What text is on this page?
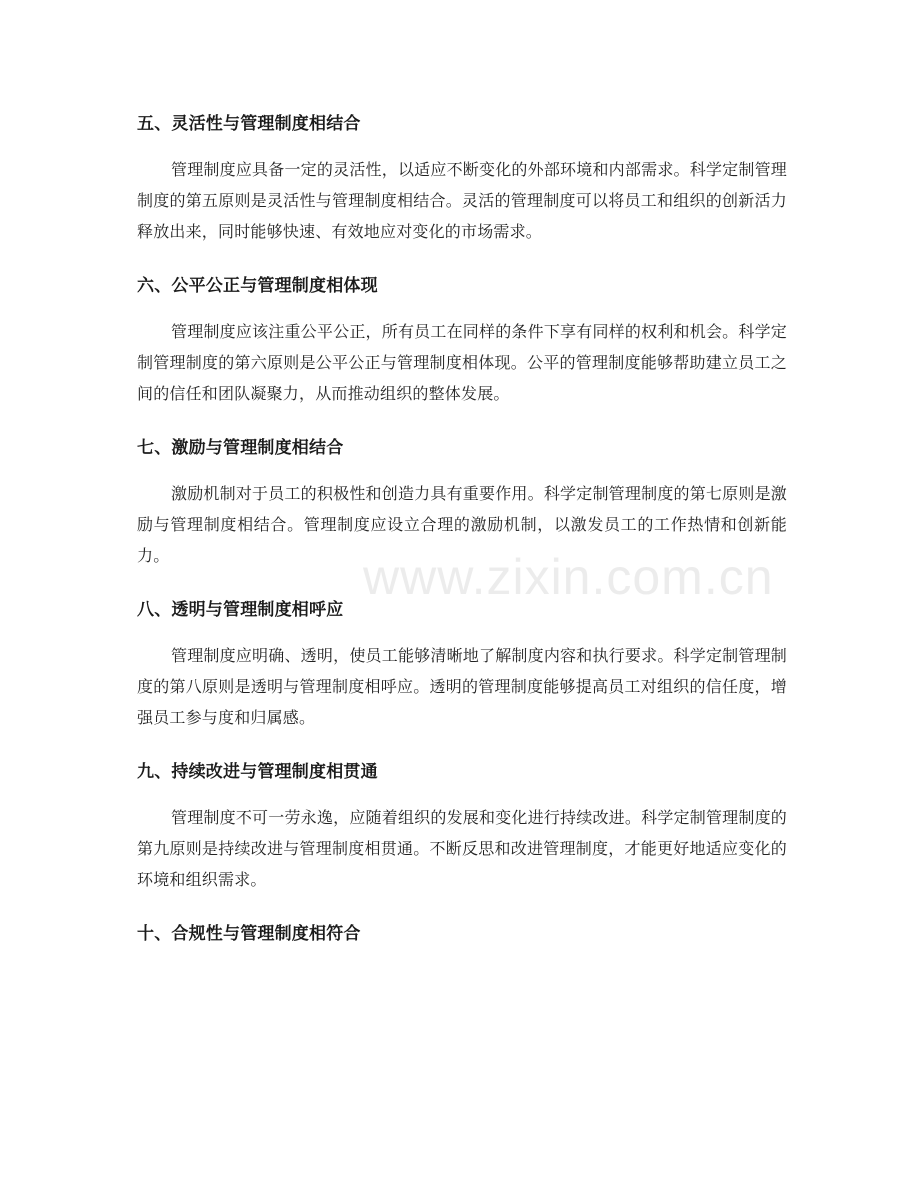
五、灵活性与管理制度相结合

管理制度应具备一定的灵活性，以适应不断变化的外部环境和内部需求。科学定制管理制度的第五原则是灵活性与管理制度相结合。灵活的管理制度可以将员工和组织的创新活力释放出来，同时能够快速、有效地应对变化的市场需求。

六、公平公正与管理制度相体现

管理制度应该注重公平公正，所有员工在同样的条件下享有同样的权利和机会。科学定制管理制度的第六原则是公平公正与管理制度相体现。公平的管理制度能够帮助建立员工之间的信任和团队凝聚力，从而推动组织的整体发展。

七、激励与管理制度相结合

激励机制对于员工的积极性和创造力具有重要作用。科学定制管理制度的第七原则是激励与管理制度相结合。管理制度应设立合理的激励机制，以激发员工的工作热情和创新能力。

八、透明与管理制度相呼应

管理制度应明确、透明，使员工能够清晰地了解制度内容和执行要求。科学定制管理制度的第八原则是透明与管理制度相呼应。透明的管理制度能够提高员工对组织的信任度，增强员工参与度和归属感。

九、持续改进与管理制度相贯通

管理制度不可一劳永逸，应随着组织的发展和变化进行持续改进。科学定制管理制度的第九原则是持续改进与管理制度相贯通。不断反思和改进管理制度，才能更好地适应变化的环境和组织需求。

十、合规性与管理制度相符合
www.zixin.com.cn
